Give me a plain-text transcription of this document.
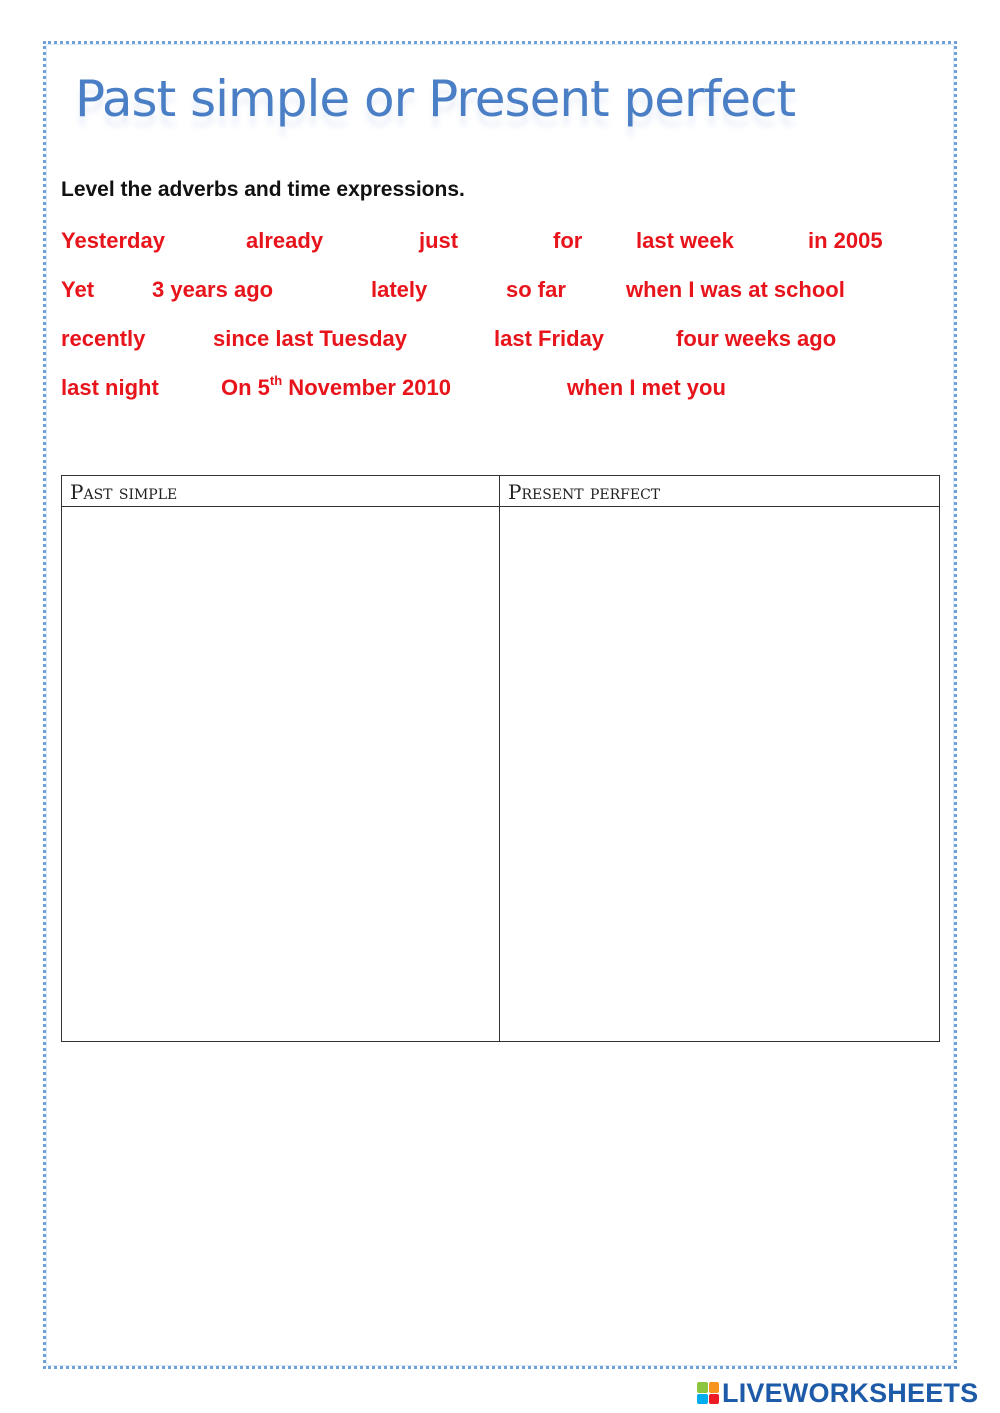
Past simple or Present perfect

Level the adverbs and time expressions.

Yesterday	already	just	for last week	in 2005
Yet	3 years ago	lately	so far	when I was at school
recently	since last Tuesday	last Friday	four weeks ago
last night	On 5th November 2010	when I met you
Past simple	Present perfect

LIVEWORKSHEETS
